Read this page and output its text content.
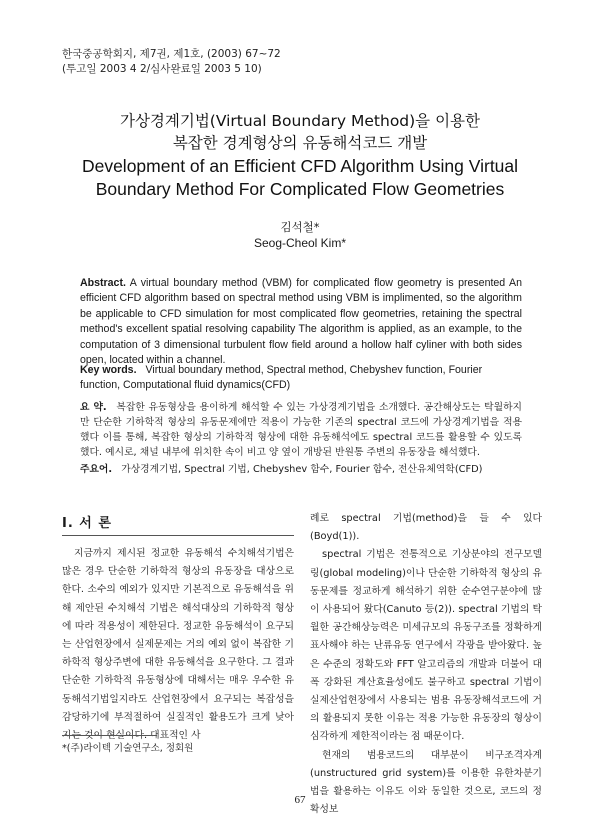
한국중공학회지, 제7권, 제1호, (2003) 67~72
(투고일 2003 4 2/심사완료일 2003 5 10)
가상경계기법(Virtual Boundary Method)을 이용한
복잡한 경계형상의 유동해석코드 개발
Development of an Efficient CFD Algorithm Using Virtual
Boundary Method For Complicated Flow Geometries
김석철*
Seog-Cheol Kim*
Abstract. A virtual boundary method (VBM) for complicated flow geometry is presented An efficient CFD algorithm based on spectral method using VBM is implimented, so the algorithm be applicable to CFD simulation for most complicated flow geometries, retaining the spectral method's excellent spatial resolving capability The algorithm is applied, as an example, to the computation of 3 dimensional turbulent flow field around a hollow half cyliner with both sides open, located within a channel.
Key words. Virtual boundary method, Spectral method, Chebyshev function, Fourier function, Computational fluid dynamics(CFD)
요 약. 복잡한 유동형상을 용이하게 해석할 수 있는 가상경계기법을 소개했다. 공간해상도는 탁월하지만 단순한 기하학적 형상의 유동문제에만 적용이 가능한 기존의 spectral 코드에 가상경계기법을 적용했다 이를 통해, 복잡한 형상의 기하학적 형상에 대한 유동해석에도 spectral 코드를 활용할 수 있도록 했다. 예시로, 채널 내부에 위치한 속이 비고 양 옆이 개방된 반원통 주변의 유동장을 해석했다.
주요어. 가상경계기법, Spectral 기법, Chebyshev 함수, Fourier 함수, 전산유체역학(CFD)
I. 서 론

지금까지 제시된 정교한 유동해석 수치해석기법은 많은 경우 단순한 기하학적 형상의 유동장을 대상으로 한다. 소수의 예외가 있지만 기본적으로 유동해석을 위해 제안된 수치해석 기법은 해석대상의 기하학적 형상에 따라 적용성이 제한된다. 정교한 유동해석이 요구되는 산업현장에서 실제문제는 거의 예외 없이 복잡한 기하학적 형상주변에 대한 유동해석을 요구한다. 그 결과 단순한 기하학적 유동형상에 대해서는 매우 우수한 유동해석기법일지라도 산업현장에서 요구되는 복잡성을 감당하기에 부적절하여 실질적인 활용도가 크게 낮아지는 것이 현실이다. 대표적인 사

례로 spectral 기법(method)을 들 수 있다(Boyd(1)).

spectral 기법은 전통적으로 기상분야의 전구모델링(global modeling)이나 단순한 기하학적 형상의 유동문제를 정교하게 해석하기 위한 순수연구분야에 많이 사용되어 왔다(Canuto 등(2)). spectral 기법의 탁월한 공간해상능력은 미세규모의 유동구조를 정확하게 표사해야 하는 난류유동 연구에서 각광을 받아왔다. 높은 수준의 정확도와 FFT 알고리즘의 개발과 더불어 대폭 강화된 계산효율성에도 불구하고 spectral 기법이 실제산업현장에서 사용되는 범용 유동장해석코드에 거의 활용되지 못한 이유는 적용 가능한 유동장의 형상이 심각하게 제한적이라는 점 때문이다.

현재의 범용코드의 대부분이 비구조격자계(unstructured grid system)를 이용한 유한차분기법을 활용하는 이유도 이와 동일한 것으로, 코드의 정확성보

*(주)라이텍 기술연구소, 정회원
67
